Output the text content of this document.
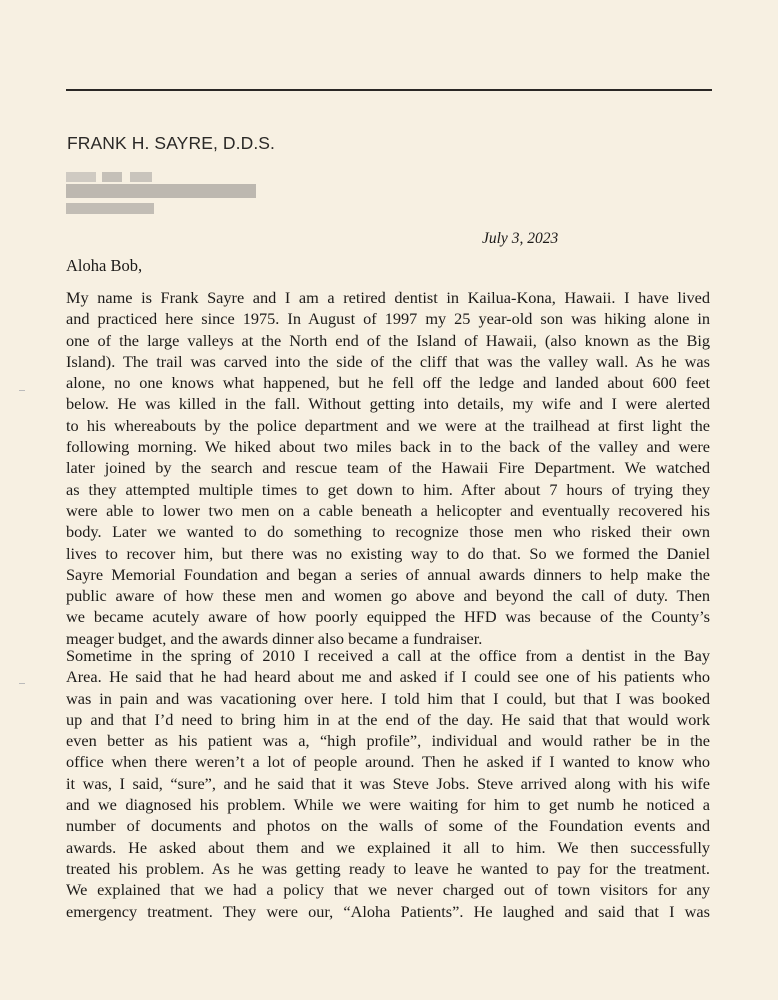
FRANK H. SAYRE, D.D.S.
July 3, 2023
Aloha Bob,
My name is Frank Sayre and I am a retired dentist in Kailua-Kona, Hawaii. I have lived
and practiced here since 1975. In August of 1997 my 25 year-old son was hiking alone in
one of the large valleys at the North end of the Island of Hawaii, (also known as the Big
Island). The trail was carved into the side of the cliff that was the valley wall. As he was
alone, no one knows what happened, but he fell off the ledge and landed about 600 feet
below. He was killed in the fall. Without getting into details, my wife and I were alerted
to his whereabouts by the police department and we were at the trailhead at first light the
following morning. We hiked about two miles back in to the back of the valley and were
later joined by the search and rescue team of the Hawaii Fire Department. We watched
as they attempted multiple times to get down to him. After about 7 hours of trying they
were able to lower two men on a cable beneath a helicopter and eventually recovered his
body. Later we wanted to do something to recognize those men who risked their own
lives to recover him, but there was no existing way to do that. So we formed the Daniel
Sayre Memorial Foundation and began a series of annual awards dinners to help make the
public aware of how these men and women go above and beyond the call of duty. Then
we became acutely aware of how poorly equipped the HFD was because of the County’s
meager budget, and the awards dinner also became a fundraiser.
Sometime in the spring of 2010 I received a call at the office from a dentist in the Bay
Area. He said that he had heard about me and asked if I could see one of his patients who
was in pain and was vacationing over here. I told him that I could, but that I was booked
up and that I’d need to bring him in at the end of the day. He said that that would work
even better as his patient was a, “high profile”, individual and would rather be in the
office when there weren’t a lot of people around. Then he asked if I wanted to know who
it was, I said, “sure”, and he said that it was Steve Jobs. Steve arrived along with his wife
and we diagnosed his problem. While we were waiting for him to get numb he noticed a
number of documents and photos on the walls of some of the Foundation events and
awards. He asked about them and we explained it all to him. We then successfully
treated his problem. As he was getting ready to leave he wanted to pay for the treatment.
We explained that we had a policy that we never charged out of town visitors for any
emergency treatment. They were our, “Aloha Patients”. He laughed and said that I was
